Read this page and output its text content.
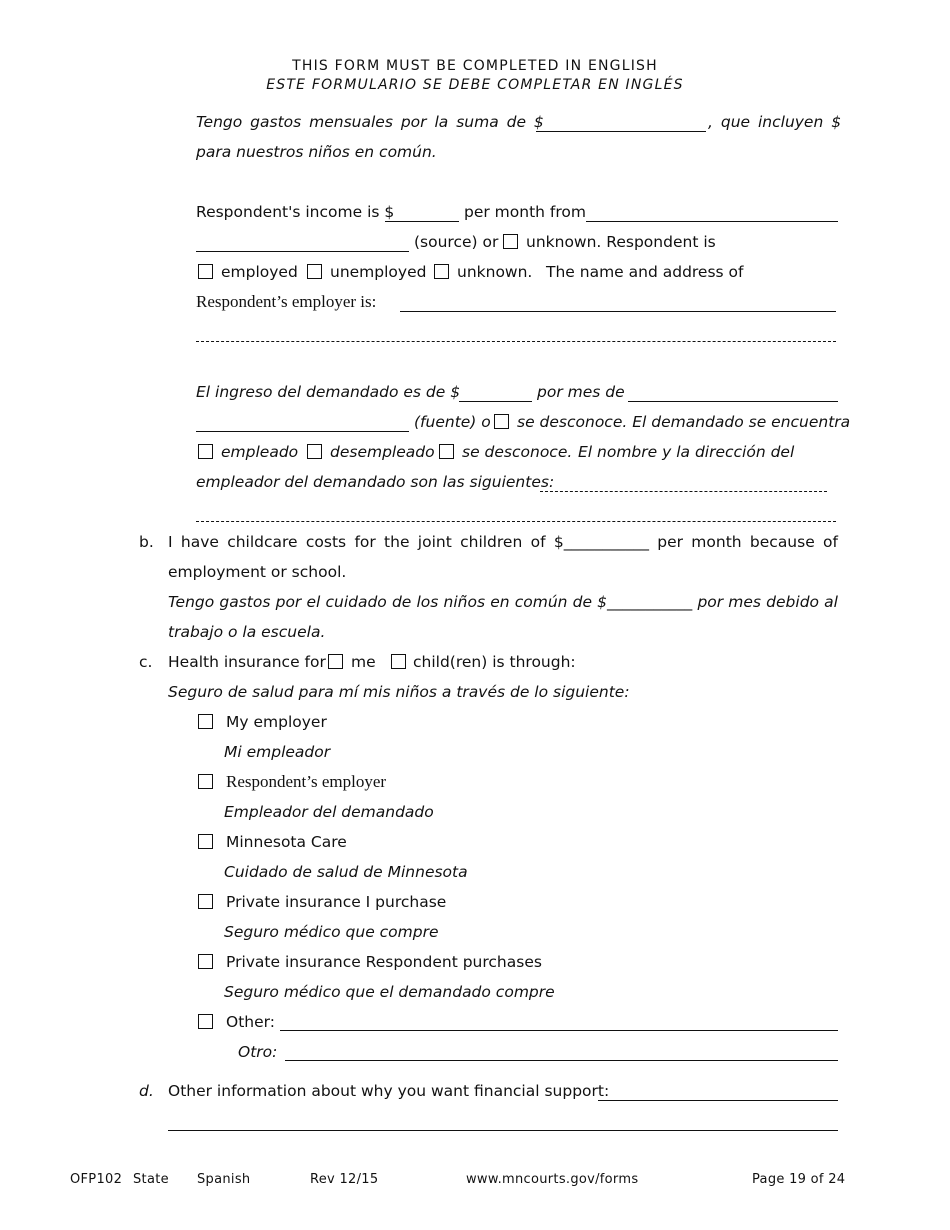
THIS FORM MUST BE COMPLETED IN ENGLISH
ESTE FORMULARIO SE DEBE COMPLETAR EN INGLÉS
Tengo gastos mensuales por la suma de $	, que incluyen $
para nuestros niños en común.
Respondent's income is $	per month from
(source) or unknown. Respondent is
employed unemployed unknown. The name and address of
Respondent’s employer is:
El ingreso del demandado es de $	por mes de
(fuente) o se desconoce. El demandado se encuentra
empleado desempleado se desconoce. El nombre y la dirección del
empleador del demandado son las siguientes:
b. I have childcare costs for the joint children of $___________ per month because of
employment or school.
Tengo gastos por el cuidado de los niños en común de $___________ por mes debido al
trabajo o la escuela.
c. Health insurance for me child(ren) is through:
Seguro de salud para mí mis niños a través de lo siguiente:
My employer
Mi empleador
Respondent’s employer
Empleador del demandado
Minnesota Care
Cuidado de salud de Minnesota
Private insurance I purchase
Seguro médico que compre
Private insurance Respondent purchases
Seguro médico que el demandado compre
Other:
Otro:
d. Other information about why you want financial support:
OFP102 State Spanish	Rev 12/15	www.mncourts.gov/forms	Page 19 of 24
